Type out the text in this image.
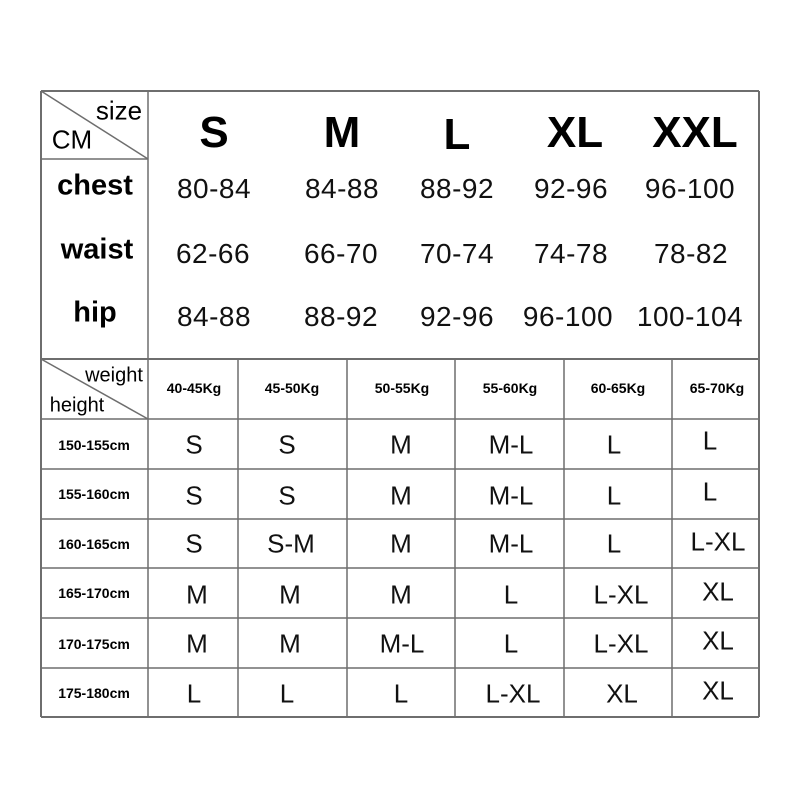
size
CM S M L XL XXL
chest 80-84 84-88 88-92 92-96 96-100
waist 62-66 66-70 70-74 74-78 78-82
hip 84-88 88-92 92-96 96-100 100-104
weight
height
40-45Kg	45-50Kg	50-55Kg	55-60Kg	60-65Kg	65-70Kg
150-155cm S	S	M	M-L	L	L
155-160cm S	S	M	M-L	L	L
160-165cm S S-M	M	M-L	L	L-XL
165-170cm M	M	M	L	L-XL XL
170-175cm M	M	M-L	L	L-XL XL
175-180cm L	L	L	L-XL	XL XL
